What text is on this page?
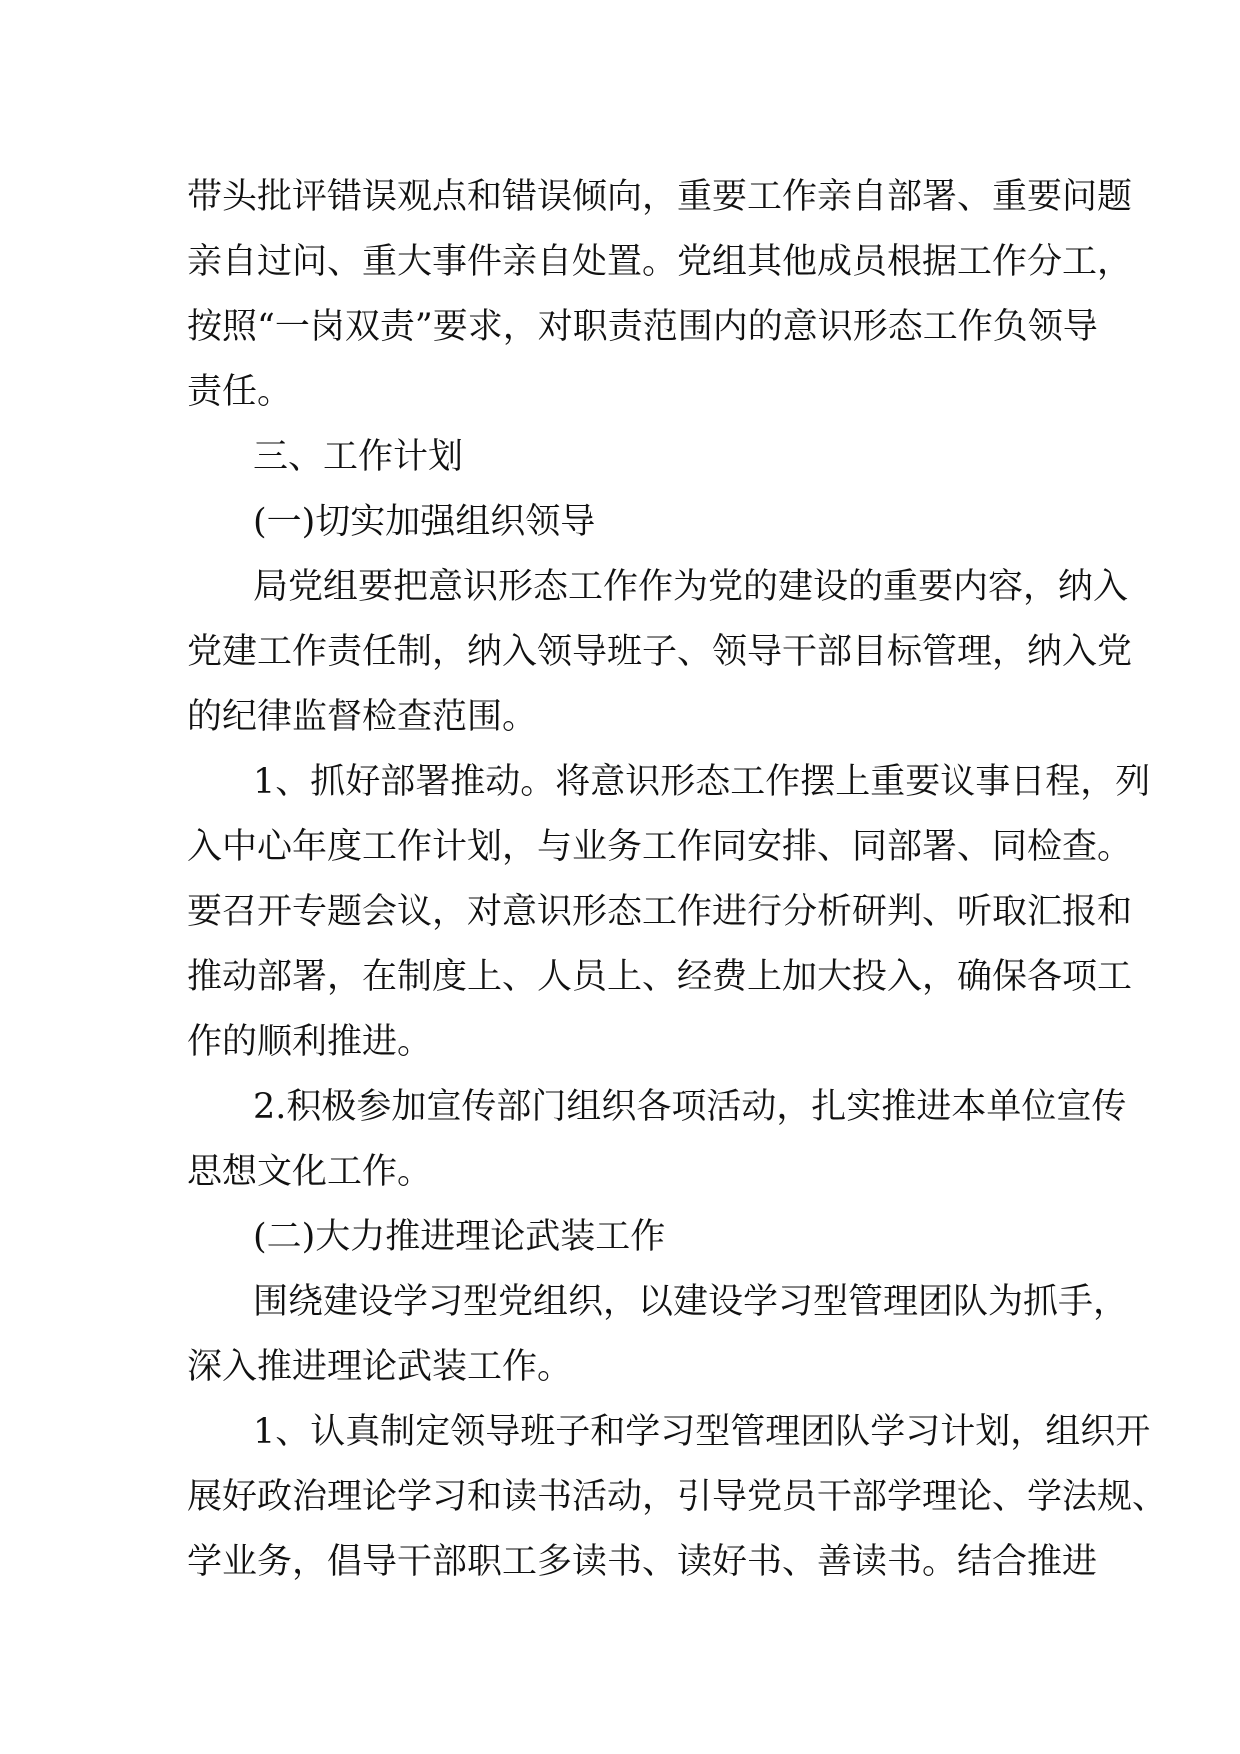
带头批评错误观点和错误倾向，重要工作亲自部署、重要问题
亲自过问、重大事件亲自处置。党组其他成员根据工作分工，
按照“一岗双责”要求，对职责范围内的意识形态工作负领导
责任。
三、工作计划
(一)切实加强组织领导
局党组要把意识形态工作作为党的建设的重要内容，纳入
党建工作责任制，纳入领导班子、领导干部目标管理，纳入党
的纪律监督检查范围。
1、抓好部署推动。将意识形态工作摆上重要议事日程，列
入中心年度工作计划，与业务工作同安排、同部署、同检查。
要召开专题会议，对意识形态工作进行分析研判、听取汇报和
推动部署，在制度上、人员上、经费上加大投入，确保各项工
作的顺利推进。
2.积极参加宣传部门组织各项活动，扎实推进本单位宣传
思想文化工作。
(二)大力推进理论武装工作
围绕建设学习型党组织，以建设学习型管理团队为抓手，
深入推进理论武装工作。
1、认真制定领导班子和学习型管理团队学习计划，组织开
展好政治理论学习和读书活动，引导党员干部学理论、学法规、
学业务，倡导干部职工多读书、读好书、善读书。结合推进
